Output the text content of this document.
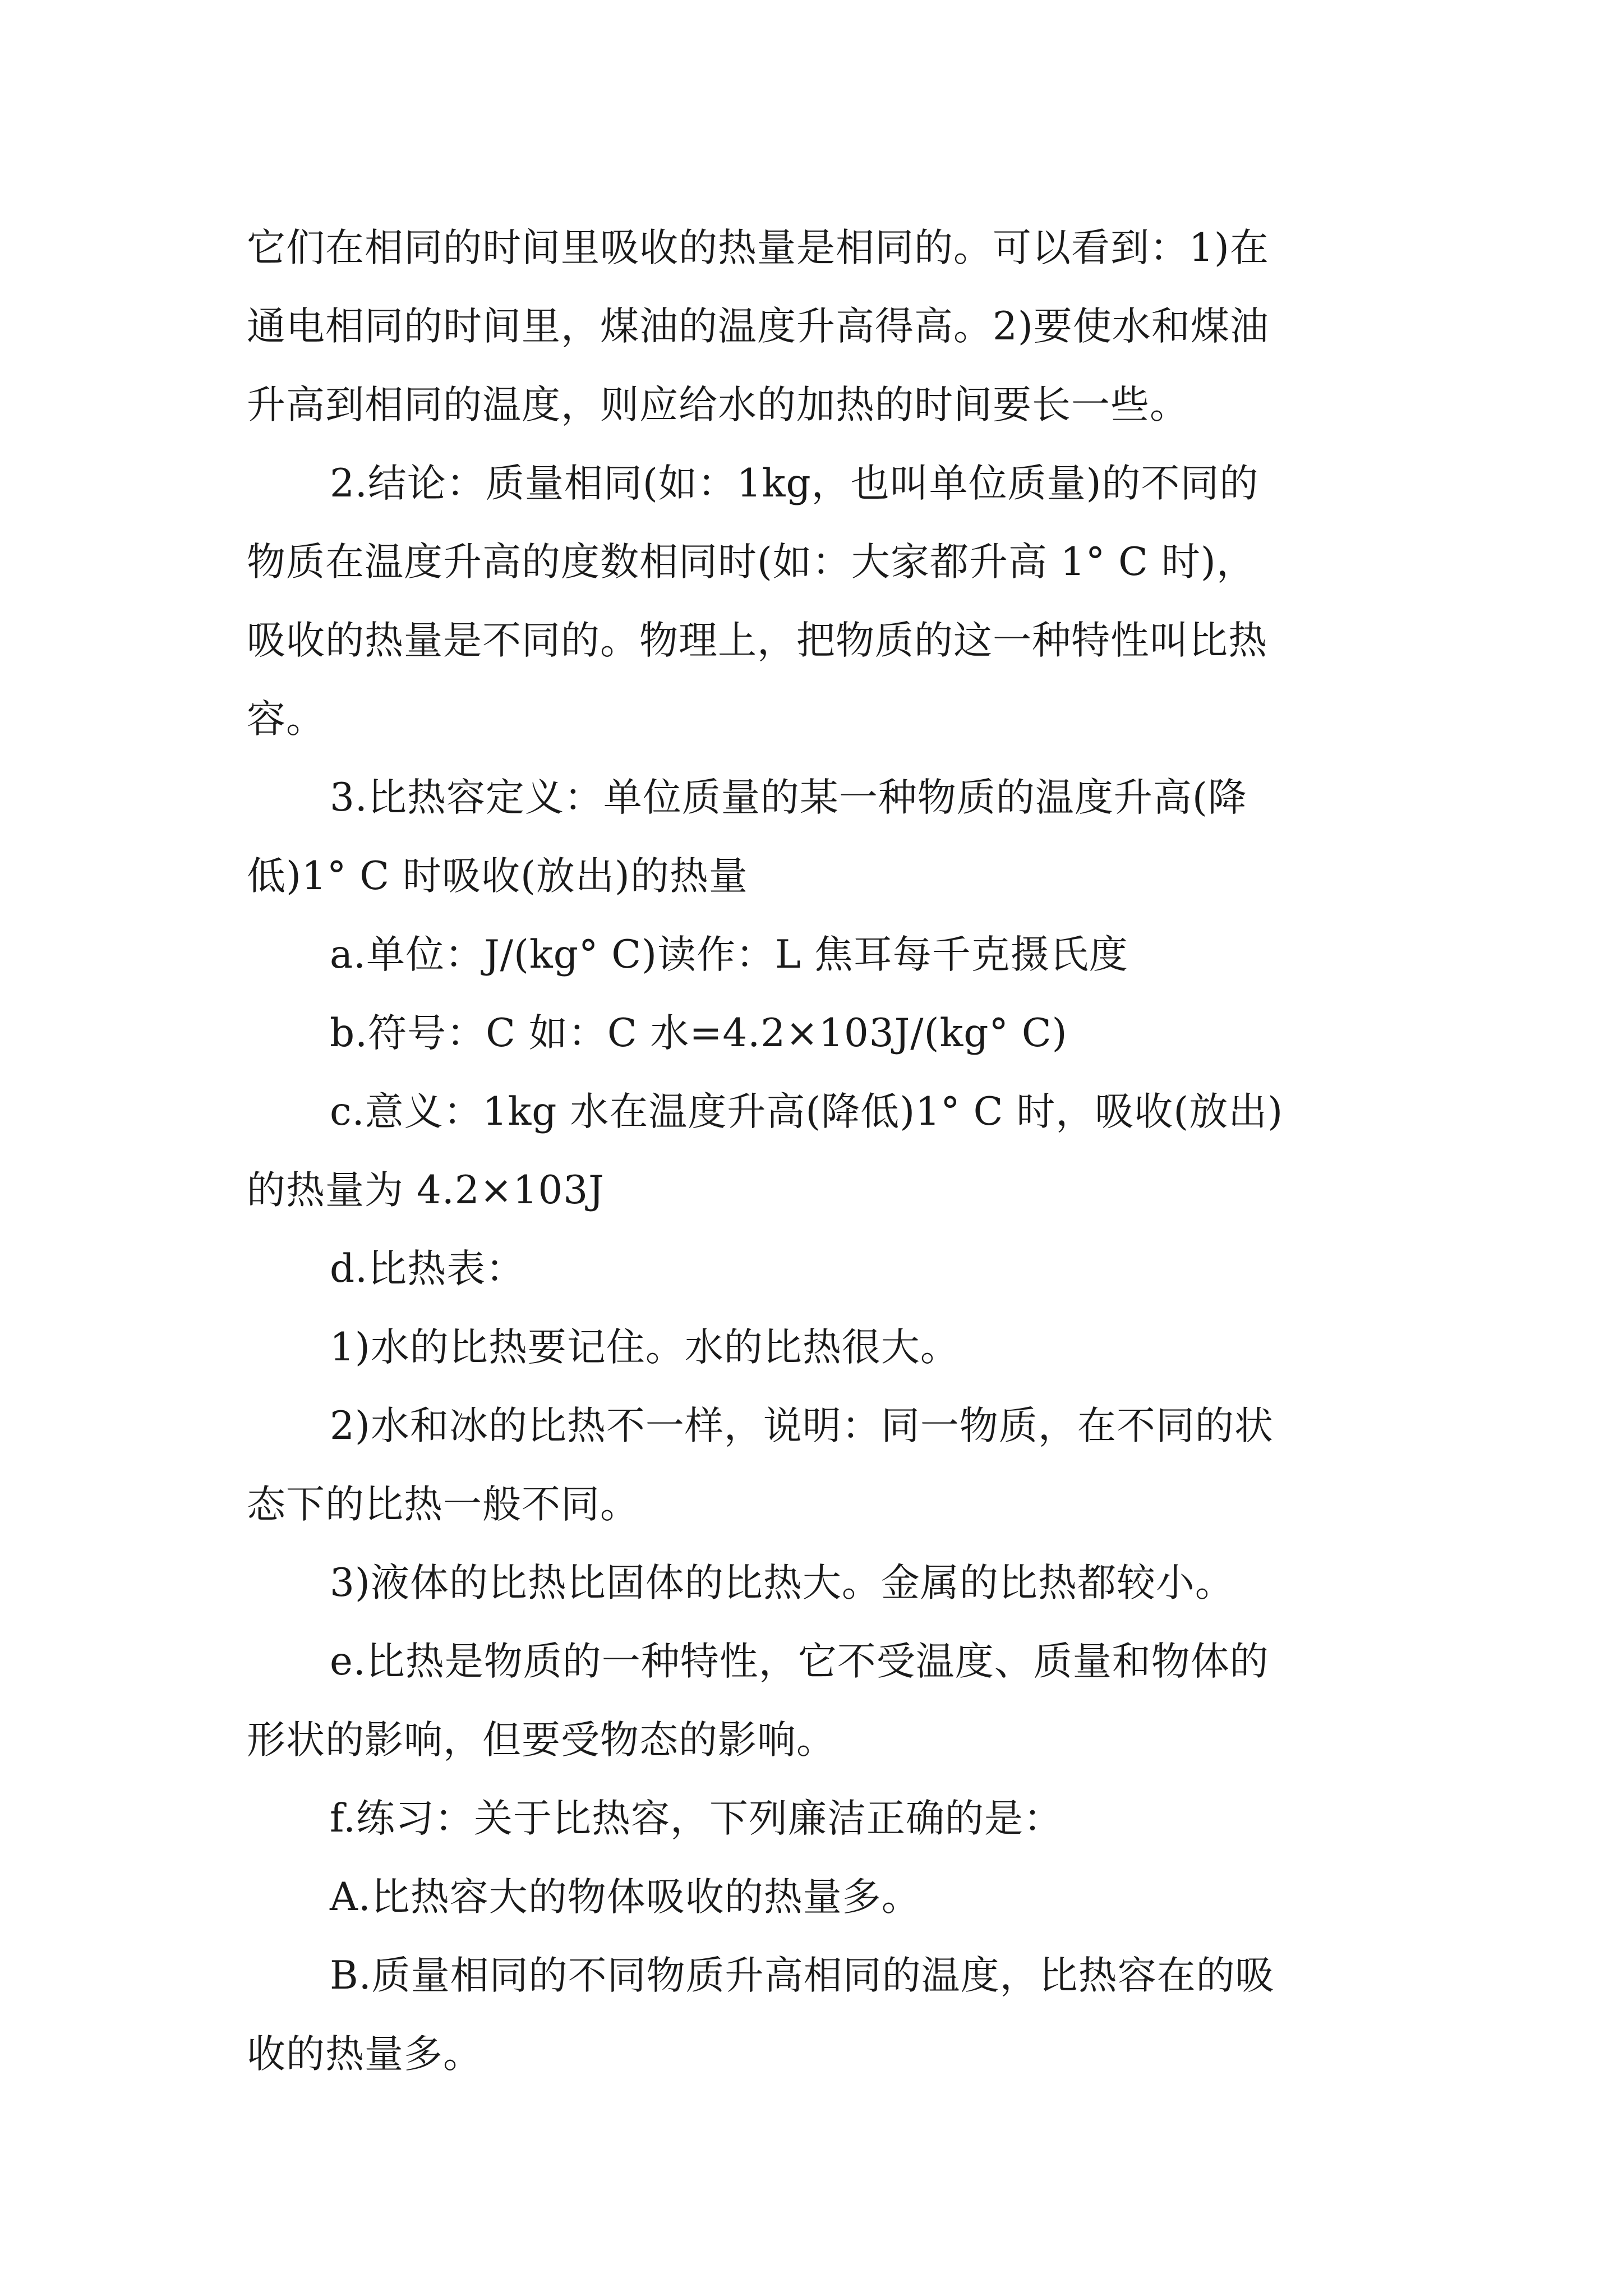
它们在相同的时间里吸收的热量是相同的。可以看到：1)在
通电相同的时间里，煤油的温度升高得高。2)要使水和煤油
升高到相同的温度，则应给水的加热的时间要长一些。
2.结论：质量相同(如：1kg，也叫单位质量)的不同的
物质在温度升高的度数相同时(如：大家都升高 1° C 时)，
吸收的热量是不同的。物理上，把物质的这一种特性叫比热
容。
3.比热容定义：单位质量的某一种物质的温度升高(降
低)1° C 时吸收(放出)的热量
a.单位：J/(kg° C)读作：L 焦耳每千克摄氏度
b.符号：C 如：C 水=4.2×103J/(kg° C)
c.意义：1kg 水在温度升高(降低)1° C 时，吸收(放出)
的热量为 4.2×103J
d.比热表：
1)水的比热要记住。水的比热很大。
2)水和冰的比热不一样，说明：同一物质，在不同的状
态下的比热一般不同。
3)液体的比热比固体的比热大。金属的比热都较小。
e.比热是物质的一种特性，它不受温度、质量和物体的
形状的影响，但要受物态的影响。
f.练习：关于比热容，下列廉洁正确的是：
A.比热容大的物体吸收的热量多。
B.质量相同的不同物质升高相同的温度，比热容在的吸
收的热量多。
